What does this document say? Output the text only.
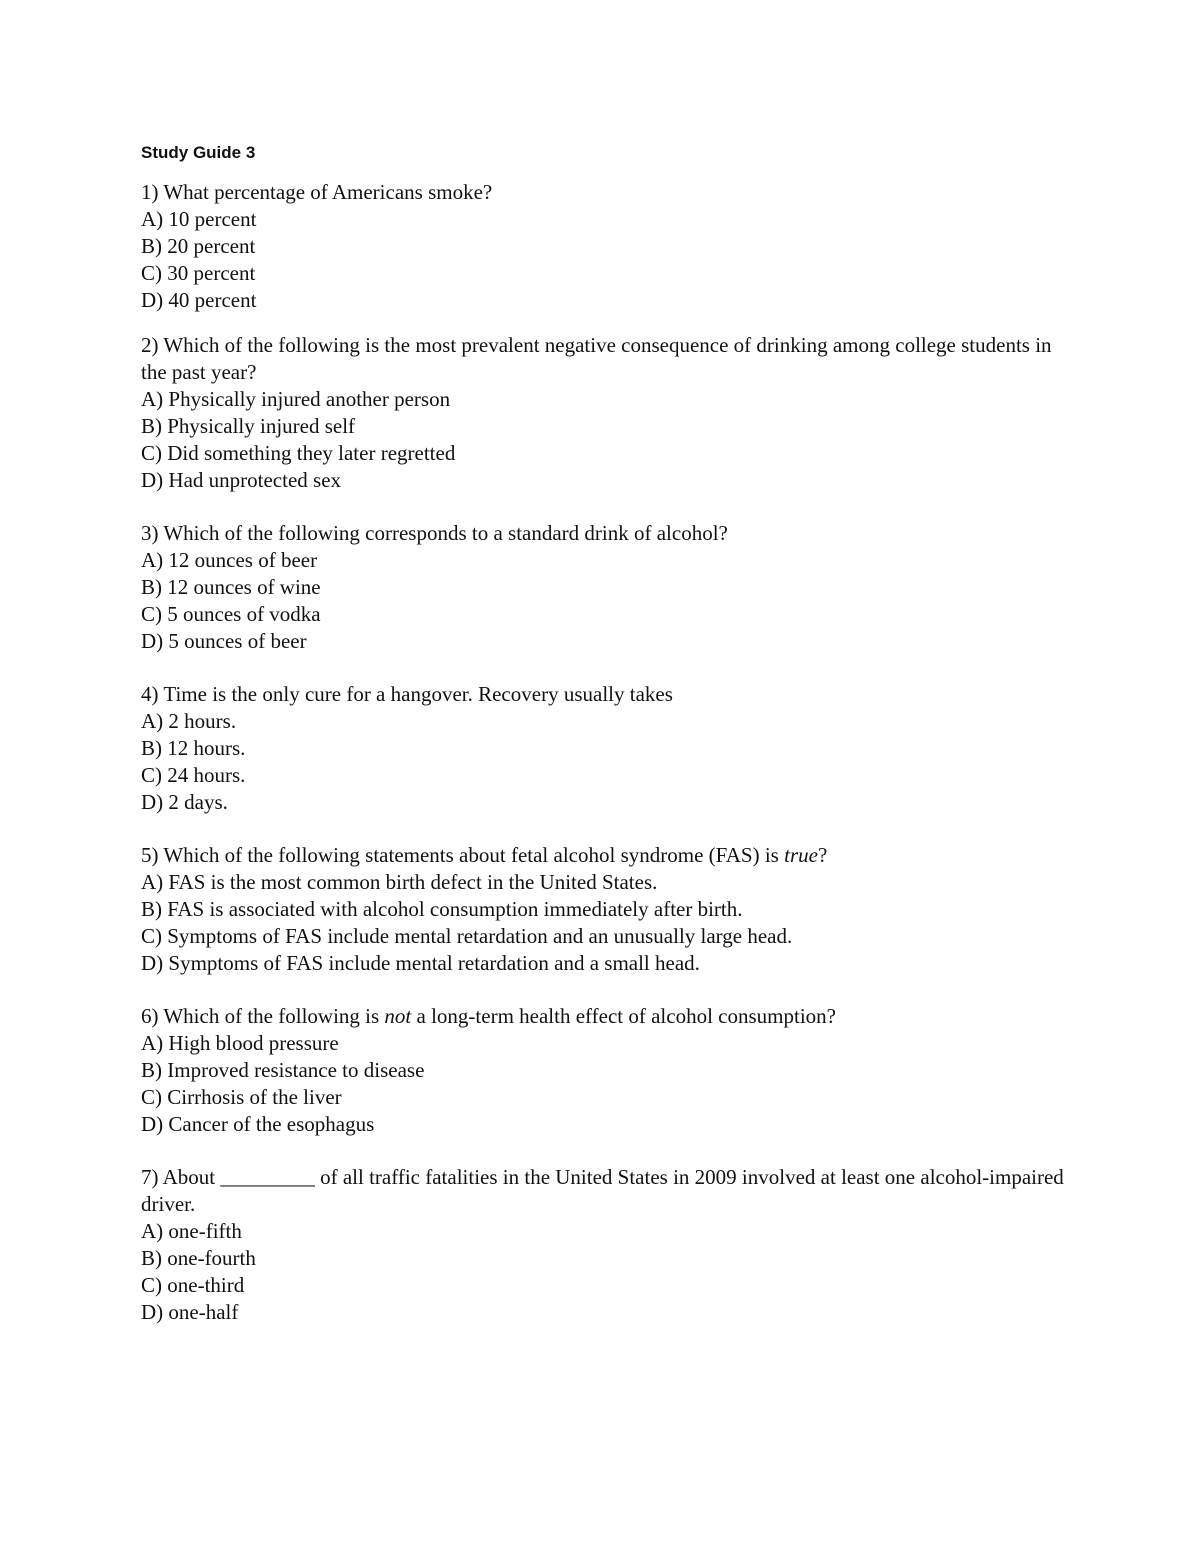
Study Guide 3

1) What percentage of Americans smoke?

A) 10 percent

B) 20 percent

C) 30 percent

D) 40 percent

2) Which of the following is the most prevalent negative consequence of drinking among college students in the past year?

A) Physically injured another person

B) Physically injured self

C) Did something they later regretted

D) Had unprotected sex

3) Which of the following corresponds to a standard drink of alcohol?

A) 12 ounces of beer

B) 12 ounces of wine

C) 5 ounces of vodka

D) 5 ounces of beer

4) Time is the only cure for a hangover. Recovery usually takes

A) 2 hours.

B) 12 hours.

C) 24 hours.

D) 2 days.

5) Which of the following statements about fetal alcohol syndrome (FAS) is true?

A) FAS is the most common birth defect in the United States.

B) FAS is associated with alcohol consumption immediately after birth.

C) Symptoms of FAS include mental retardation and an unusually large head.

D) Symptoms of FAS include mental retardation and a small head.

6) Which of the following is not a long-term health effect of alcohol consumption?

A) High blood pressure

B) Improved resistance to disease

C) Cirrhosis of the liver

D) Cancer of the esophagus

7) About _________ of all traffic fatalities in the United States in 2009 involved at least one alcohol-impaired driver.

A) one-fifth

B) one-fourth

C) one-third

D) one-half
